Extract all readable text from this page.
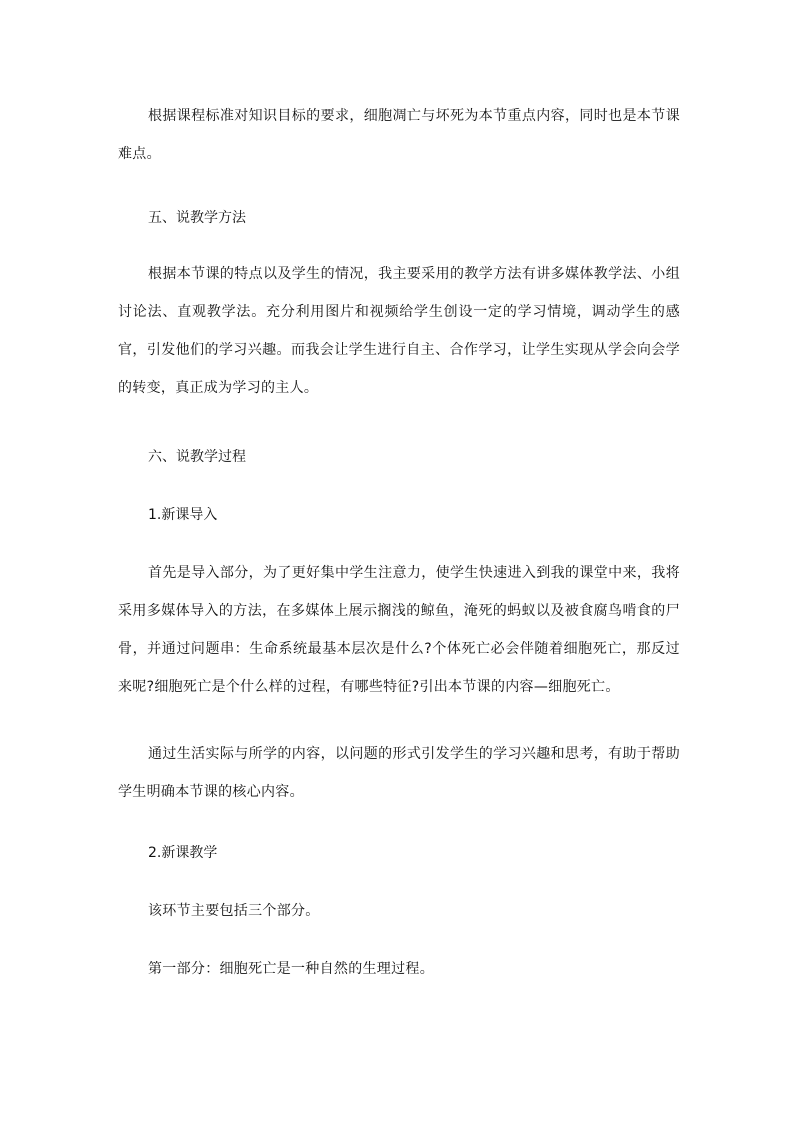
根据课程标准对知识目标的要求，细胞凋亡与坏死为本节重点内容，同时也是本节课难点。

五、说教学方法

根据本节课的特点以及学生的情况，我主要采用的教学方法有讲多媒体教学法、小组讨论法、直观教学法。充分利用图片和视频给学生创设一定的学习情境，调动学生的感官，引发他们的学习兴趣。而我会让学生进行自主、合作学习，让学生实现从学会向会学的转变，真正成为学习的主人。

六、说教学过程

1.新课导入

首先是导入部分，为了更好集中学生注意力，使学生快速进入到我的课堂中来，我将采用多媒体导入的方法，在多媒体上展示搁浅的鲸鱼，淹死的蚂蚁以及被食腐鸟啃食的尸骨，并通过问题串：生命系统最基本层次是什么?个体死亡必会伴随着细胞死亡，那反过来呢?细胞死亡是个什么样的过程，有哪些特征?引出本节课的内容—细胞死亡。

通过生活实际与所学的内容，以问题的形式引发学生的学习兴趣和思考，有助于帮助学生明确本节课的核心内容。

2.新课教学

该环节主要包括三个部分。

第一部分：细胞死亡是一种自然的生理过程。
